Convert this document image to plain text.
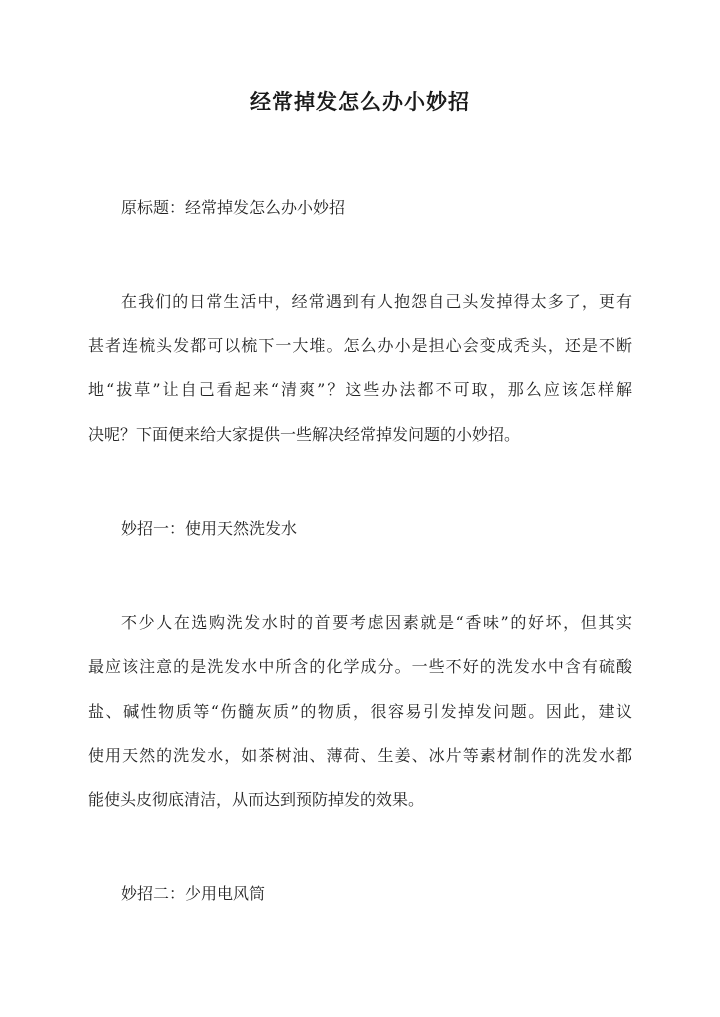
经常掉发怎么办小妙招
原标题：经常掉发怎么办小妙招
在我们的日常生活中，经常遇到有人抱怨自己头发掉得太多了，更有
甚者连梳头发都可以梳下一大堆。怎么办小是担心会变成秃头，还是不断
地“拔草”让自己看起来“清爽”？这些办法都不可取，那么应该怎样解
决呢？下面便来给大家提供一些解决经常掉发问题的小妙招。
妙招一：使用天然洗发水
不少人在选购洗发水时的首要考虑因素就是“香味”的好坏，但其实
最应该注意的是洗发水中所含的化学成分。一些不好的洗发水中含有硫酸
盐、碱性物质等“伤髓灰质”的物质，很容易引发掉发问题。因此，建议
使用天然的洗发水，如茶树油、薄荷、生姜、冰片等素材制作的洗发水都
能使头皮彻底清洁，从而达到预防掉发的效果。
妙招二：少用电风筒
